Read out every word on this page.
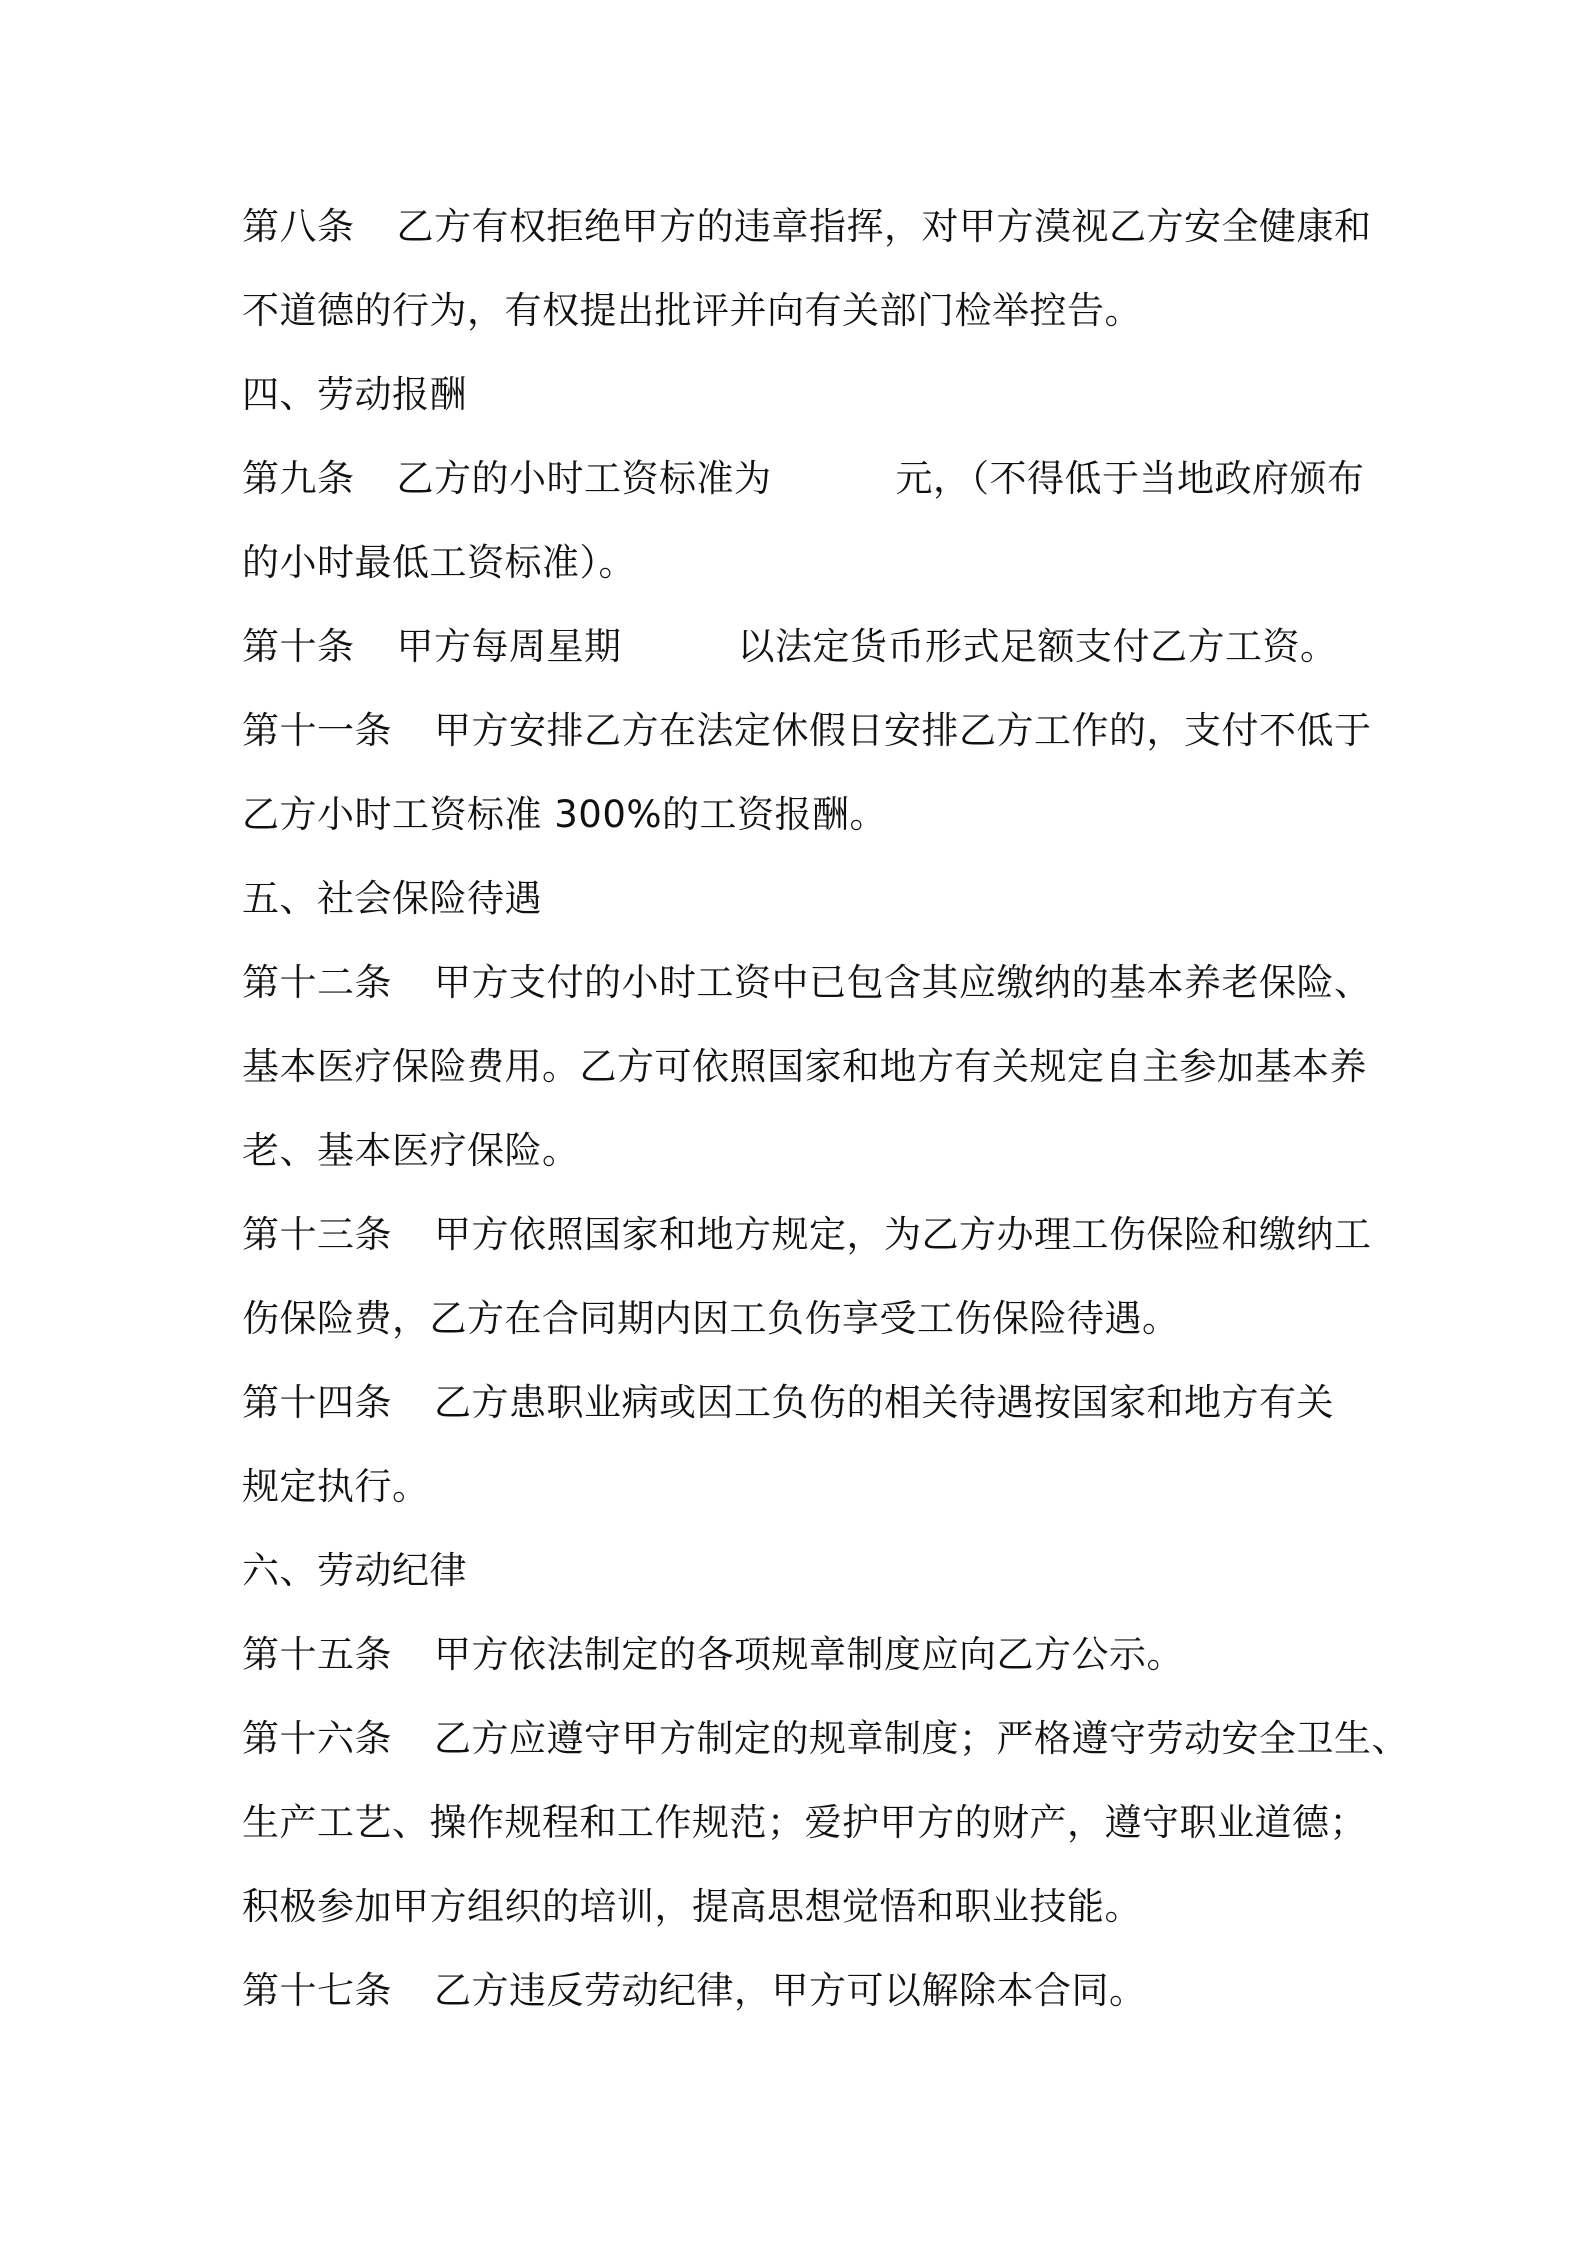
第八条 乙方有权拒绝甲方的违章指挥，对甲方漠视乙方安全健康和
不道德的行为，有权提出批评并向有关部门检举控告。
四、劳动报酬
第九条 乙方的小时工资标准为	元，（不得低于当地政府颁布
的小时最低工资标准）。
第十条 甲方每周星期	以法定货币形式足额支付乙方工资。
第十一条 甲方安排乙方在法定休假日安排乙方工作的，支付不低于
乙方小时工资标准 300%的工资报酬。
五、社会保险待遇
第十二条 甲方支付的小时工资中已包含其应缴纳的基本养老保险、
基本医疗保险费用。乙方可依照国家和地方有关规定自主参加基本养
老、基本医疗保险。
第十三条 甲方依照国家和地方规定，为乙方办理工伤保险和缴纳工
伤保险费，乙方在合同期内因工负伤享受工伤保险待遇。
第十四条 乙方患职业病或因工负伤的相关待遇按国家和地方有关
规定执行。
六、劳动纪律
第十五条 甲方依法制定的各项规章制度应向乙方公示。
第十六条 乙方应遵守甲方制定的规章制度；严格遵守劳动安全卫生、
生产工艺、操作规程和工作规范；爱护甲方的财产，遵守职业道德；
积极参加甲方组织的培训，提高思想觉悟和职业技能。
第十七条 乙方违反劳动纪律，甲方可以解除本合同。
